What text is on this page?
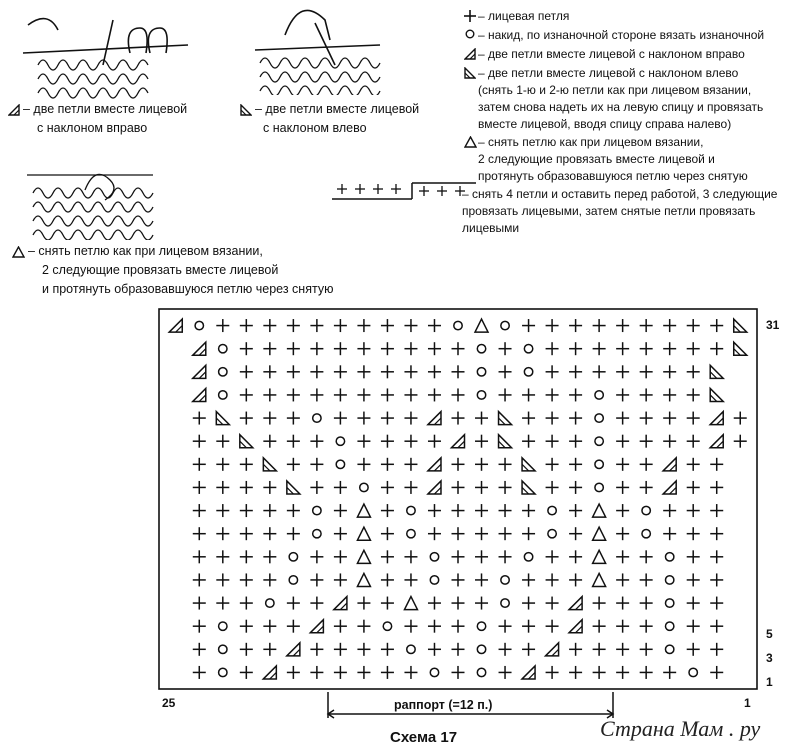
– две петли вместе лицевой
с наклоном вправо
– две петли вместе лицевой
с наклоном влево
– снять петлю как при лицевом вязании,
2 следующие провязать вместе лицевой
и протянуть образовавшуюся петлю через снятую
– лицевая петля
– накид, по изнаночной стороне вязать изнаночной
– две петли вместе лицевой с наклоном вправо
– две петли вместе лицевой с наклоном влево
(снять 1-ю и 2-ю петли как при лицевом вязании,
затем снова надеть их на левую спицу и провязать
вместе лицевой, вводя спицу справа налево)
– снять петлю как при лицевом вязании,
2 следующие провязать вместе лицевой и
протянуть образовавшуюся петлю через снятую
– снять 4 петли и оставить перед работой, 3 следующие
провязать лицевыми, затем снятые петли провязать
лицевыми
31
5
3
1
25	1
раппорт (=12 п.)
Схема 17	Страна Мам . ру
